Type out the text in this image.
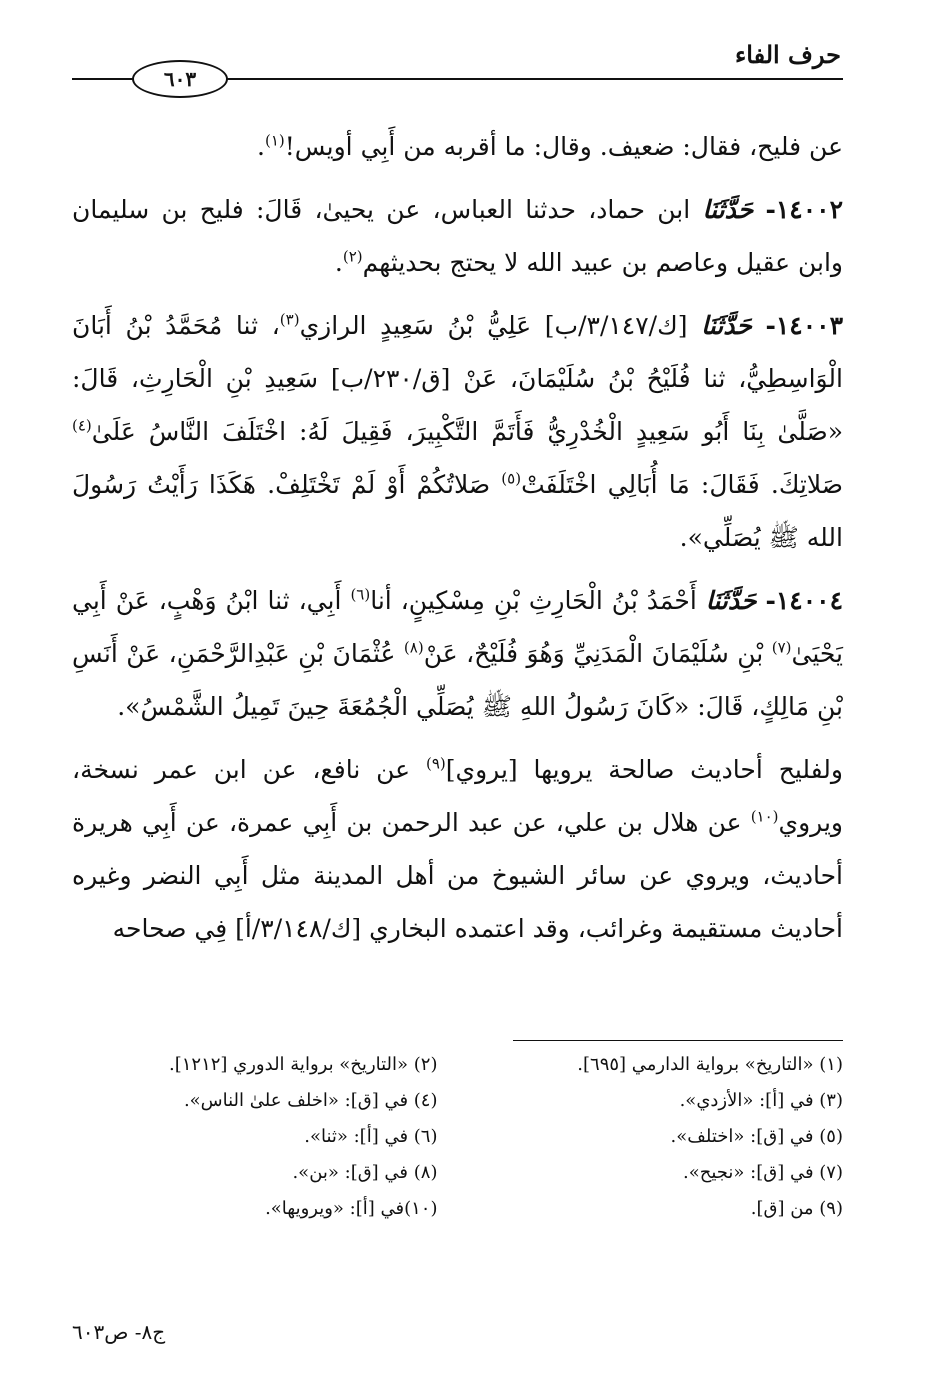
حرف الفاء
٦٠٣

عن فليح، فقال: ضعيف. وقال: ما أقربه من أَبِي أويس!$^{(١)}$.

١٤٠٠٢- حَدَّثَنَا ابن حماد، حدثنا العباس، عن يحيىٰ، قَالَ: فليح بن سليمان وابن عقيل وعاصم بن عبيد الله لا يحتج بحديثهم$^{(٢)}$.

١٤٠٠٣- حَدَّثَنَا [ك/٣/١٤٧/ب] عَلِيُّ بْنُ سَعِيدٍ الرازي$^{(٣)}$، ثنا مُحَمَّدُ بْنُ أَبَانَ الْوَاسِطِيُّ، ثنا فُلَيْحُ بْنُ سُلَيْمَانَ، عَنْ [ق/٢٣٠/ب] سَعِيدِ بْنِ الْحَارِثِ، قَالَ: «صَلَّىٰ بِنَا أَبُو سَعِيدٍ الْخُدْرِيُّ فَأَتَمَّ التَّكْبِيرَ، فَقِيلَ لَهُ: اخْتَلَفَ النَّاسُ عَلَىٰ$^{(٤)}$ صَلاتِكَ. فَقَالَ: مَا أُبَالِي اخْتَلَفَتْ$^{(٥)}$ صَلاتُكُمْ أَوْ لَمْ تَخْتَلِفْ. هَكَذَا رَأَيْتُ رَسُولَ الله ﷺ يُصَلِّي».

١٤٠٠٤- حَدَّثَنَا أَحْمَدُ بْنُ الْحَارِثِ بْنِ مِسْكِينٍ، أنا$^{(٦)}$ أَبِي، ثنا ابْنُ وَهْبٍ، عَنْ أَبِي يَحْيَىٰ$^{(٧)}$ بْنِ سُلَيْمَانَ الْمَدَنِيِّ وَهُوَ فُلَيْحٌ، عَنْ$^{(٨)}$ عُثْمَانَ بْنِ عَبْدِالرَّحْمَنِ، عَنْ أَنَسِ بْنِ مَالِكٍ، قَالَ: «كَانَ رَسُولُ اللهِ ﷺ يُصَلِّي الْجُمُعَةَ حِينَ تَمِيلُ الشَّمْسُ».

ولفليح أحاديث صالحة يرويها [يروي]$^{(٩)}$ عن نافع، عن ابن عمر نسخة، ويروي$^{(١٠)}$ عن هلال بن علي، عن عبد الرحمن بن أَبِي عمرة، عن أَبِي هريرة أحاديث، ويروي عن سائر الشيوخ من أهل المدينة مثل أَبِي النضر وغيره أحاديث مستقيمة وغرائب، وقد اعتمده البخاري [ك/٣/١٤٨/أ] فِي صحاحه

(١) «التاريخ» برواية الدارمي [٦٩٥].
(٢) «التاريخ» برواية الدوري [١٢١٢].
(٣) في [أ]: «الأزدي».
(٤) في [ق]: «اخلف علىٰ الناس».
(٥) في [ق]: «اختلف».
(٦) في [أ]: «ثنا».
(٧) في [ق]: «نجيح».
(٨) في [ق]: «بن».
(٩) من [ق].
(١٠)في [أ]: «ويرويها».
ج٨- ص٦٠٣
